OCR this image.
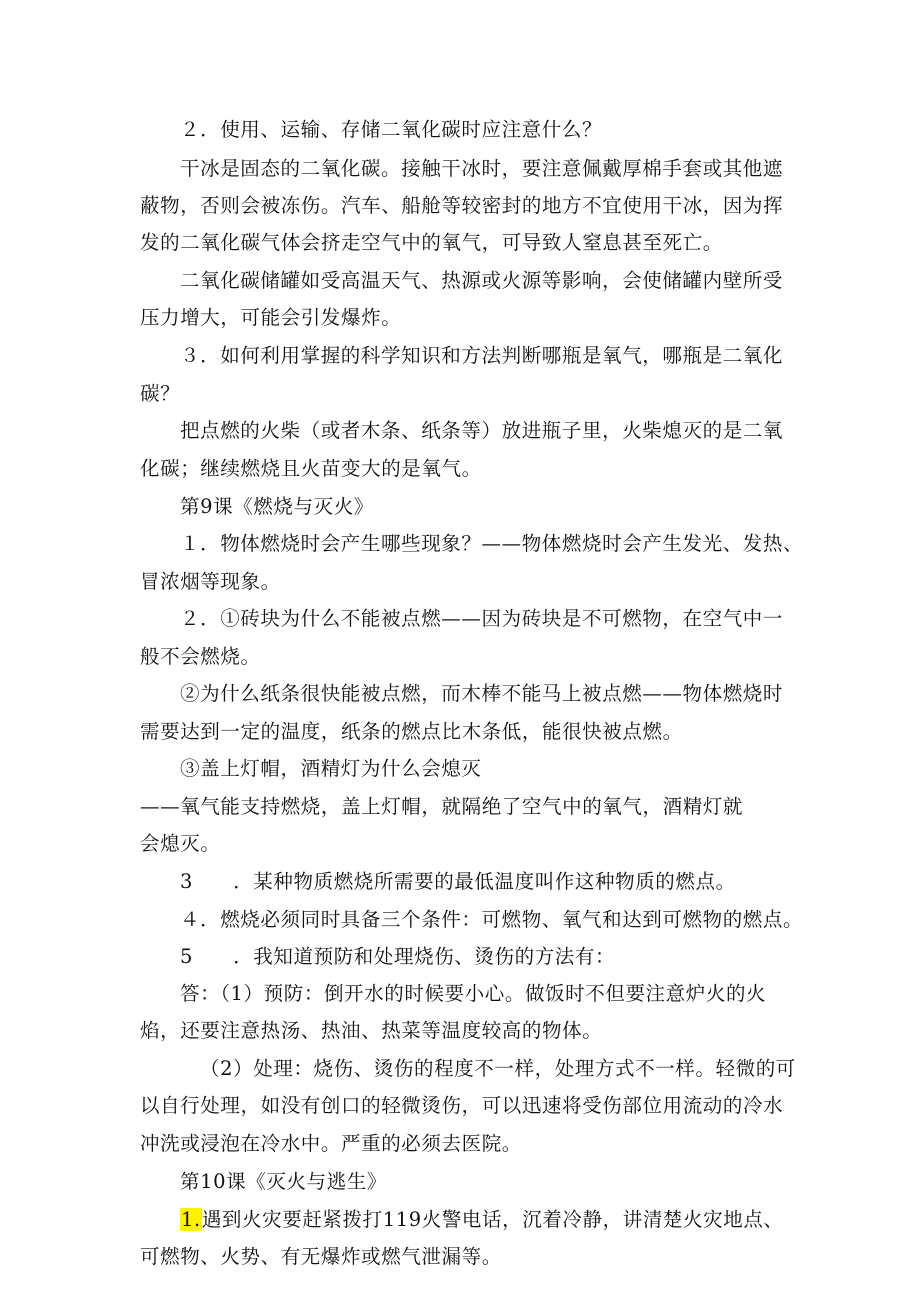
２．使用、运输、存储二氧化碳时应注意什么？
干冰是固态的二氧化碳。接触干冰时，要注意佩戴厚棉手套或其他遮
蔽物，否则会被冻伤。汽车、船舱等较密封的地方不宜使用干冰，因为挥
发的二氧化碳气体会挤走空气中的氧气，可导致人窒息甚至死亡。
二氧化碳储罐如受高温天气、热源或火源等影响，会使储罐内壁所受
压力增大，可能会引发爆炸。
３．如何利用掌握的科学知识和方法判断哪瓶是氧气，哪瓶是二氧化
碳？
把点燃的火柴（或者木条、纸条等）放进瓶子里，火柴熄灭的是二氧
化碳；继续燃烧且火苗变大的是氧气。
第9课《燃烧与灭火》
１．物体燃烧时会产生哪些现象？——物体燃烧时会产生发光、发热、
冒浓烟等现象。
２．①砖块为什么不能被点燃——因为砖块是不可燃物，在空气中一
般不会燃烧。
②为什么纸条很快能被点燃，而木棒不能马上被点燃——物体燃烧时
需要达到一定的温度，纸条的燃点比木条低，能很快被点燃。
③盖上灯帽，酒精灯为什么会熄灭
——氧气能支持燃烧，盖上灯帽，就隔绝了空气中的氧气，酒精灯就
会熄灭。
3　　．某种物质燃烧所需要的最低温度叫作这种物质的燃点。
４．燃烧必须同时具备三个条件：可燃物、氧气和达到可燃物的燃点。
5　　．我知道预防和处理烧伤、烫伤的方法有：
答：（1）预防：倒开水的时候要小心。做饭时不但要注意炉火的火
焰，还要注意热汤、热油、热菜等温度较高的物体。
（2）处理：烧伤、烫伤的程度不一样，处理方式不一样。轻微的可
以自行处理，如没有创口的轻微烫伤，可以迅速将受伤部位用流动的冷水
冲洗或浸泡在冷水中。严重的必须去医院。
第10课《灭火与逃生》
1.遇到火灾要赶紧拨打119火警电话，沉着冷静，讲清楚火灾地点、
可燃物、火势、有无爆炸或燃气泄漏等。
